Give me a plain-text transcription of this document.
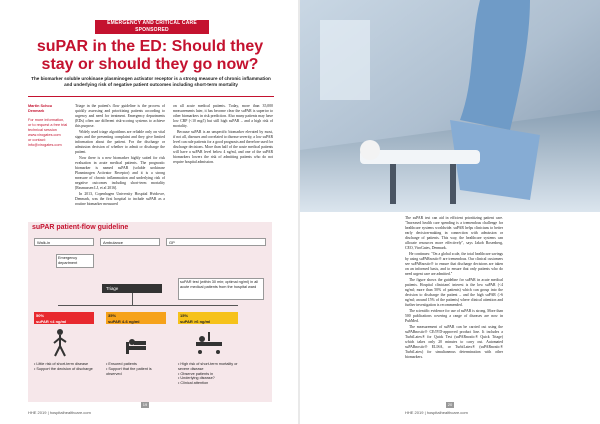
EMERGENCY AND CRITICAL CARE
SPONSORED
suPAR in the ED: Should they stay or should they go now?

The biomarker soluble urokinase plasminogen activator receptor is a strong measure of chronic inflammation and underlying risk of negative patient outcomes including short-term mortality

Martin Schou Denmark
For more information, or to request a free trial technical session
www.virogates.com
or contact:
info@virogates.com

Triage in the patient's flow guideline is the process of quickly assessing and prioritizing patients according to urgency and need for treatment. Emergency departments (EDs) often use different risk-scoring systems to achieve this purpose.

Widely used triage algorithms are reliable only on vital signs and the presenting complaint and they give limited information about the patient. For the discharge or admission decision of whether to admit or discharge the patient.

Now there is a new biomarker highly suited for risk evaluation in acute medical patients. The prognostic biomarker is named suPAR (soluble urokinase Plasminogen Activator Receptor) and it is a strong measure of chronic inflammation and underlying risk of negative outcomes including short-term mortality [Rasmussen LJ, et al 2016].

In 2013, Copenhagen University Hospital Hvidovre, Denmark, was the first hospital to include suPAR as a routine biomarker measured

on all acute medical patients. Today, more than 35,000 measurements later, it has become clear the suPAR is superior to other biomarkers in risk prediction. Also many patients may have low CRP (<10 mg/l) but still high suPAR – and a high risk of mortality.

Because suPAR is an unspecific biomarker elevated by most, if not all, diseases and correlated to disease severity, a low suPAR level can rule patients for a good prognosis and therefore used for discharge decisions. More than half of the acute medical patients will have a suPAR level below 4 ng/ml, and one of the suPAR biomarkers lowers the risk of admitting patients who do not require hospital admission.

suPAR patient-flow guideline
Walk-in	Ambulance	GP
Emergency department
Triage
suPAR test (within 30 min; optimal ng/ml) in all acute medical patients from the hospital ward
50%
suPAR <4 ng/ml
35%
suPAR 4-6 ng/ml
15%
suPAR >6 ng/ml
• Little risk of short-term disease
• Support the decision of discharge
• Ensured patients
• Support that the patient is observed
• High risk of short-term mortality or severe disease
• Observe patients in
• Underlying disease?
• Clinical attention
19
HHE 2019 | hospitalhealthcare.com

The suPAR test can aid in efficient prioritizing patient care. "Increased health care spending is a tremendous challenge for healthcare systems worldwide. suPAR helps clinicians to better early decision-making in connection with admission or discharge of patients. This way, the healthcare systems can allocate resources more effectively", says Jakob Rosenberg, CEO, ViroGates, Denmark.

He continues: "On a global scale, the total healthcare savings by using suPARnostic® are tremendous. Our clinical customers see suPARnostic® to ensure that discharge decisions are taken on an informed basis, and to ensure that only patients who do need urgent care are admitted."

The figure shows the guideline for suPAR in acute medical patients. Hospital clinicians' interest is the low suPAR (<4 ng/ml; more than 50% of patients) which can group into the decision to discharge the patient – and the high suPAR (>6 ng/ml; around 15% of the patients) where clinical attention and further investigation is recommended.

The scientific evidence for use of suPAR is strong. More than 500 publications covering a range of diseases are now in PubMed.

The measurement of suPAR can be carried out using the suPARnostic® CE/IVD-approved product line. It includes a TurbiLatex® for Quick Test (suPARnostic® Quick Triage) which takes only 20 minutes to carry out. Automated suPARnostic® ELISA, or TurbiLatex® (suPARnostic® TurbiLatex) for simultaneous determination with other biomarkers.

20
HHE 2019 | hospitalhealthcare.com
